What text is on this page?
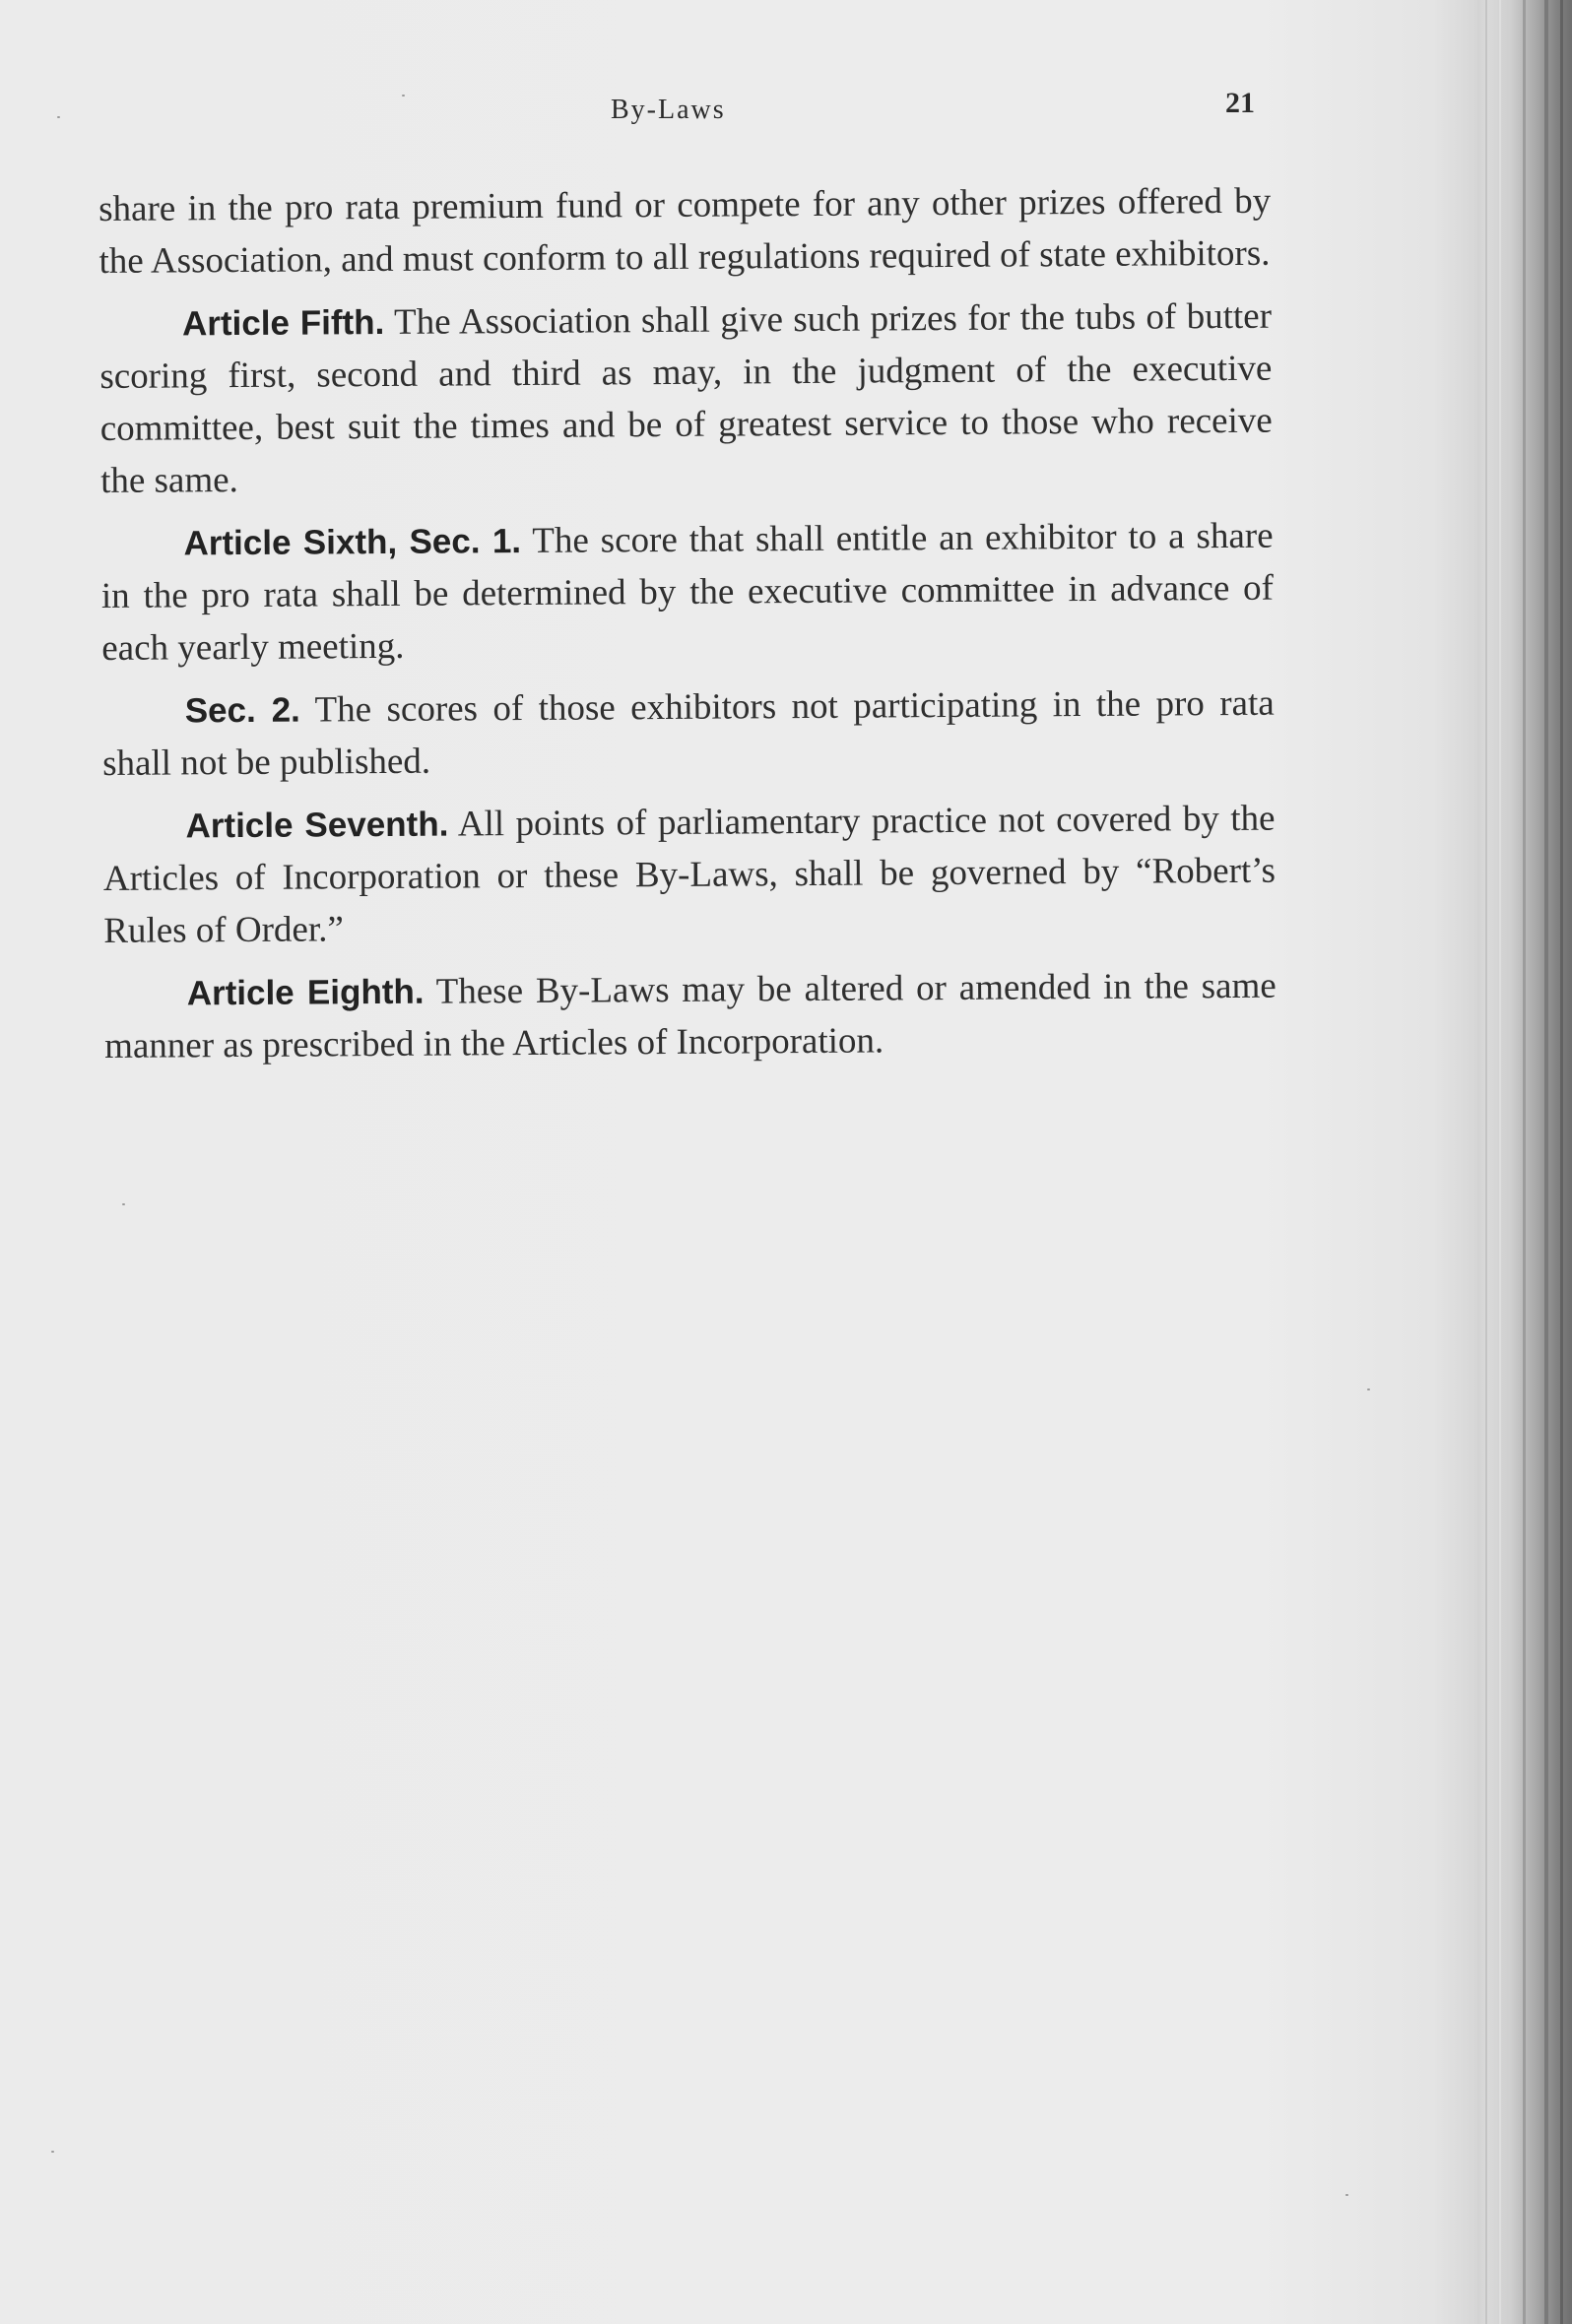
By-Laws	21

share in the pro rata premium fund or compete for any other prizes offered by the Association, and must conform to all regulations required of state exhibitors.

Article Fifth. The Association shall give such prizes for the tubs of butter scoring first, second and third as may, in the judgment of the executive committee, best suit the times and be of greatest service to those who receive the same.

Article Sixth, Sec. 1. The score that shall entitle an exhibitor to a share in the pro rata shall be determined by the executive committee in advance of each yearly meeting.

Sec. 2. The scores of those exhibitors not participating in the pro rata shall not be published.

Article Seventh. All points of parliamentary practice not covered by the Articles of Incorporation or these By-Laws, shall be governed by “Robert’s Rules of Order.”

Article Eighth. These By-Laws may be altered or amended in the same manner as prescribed in the Articles of Incorporation.
